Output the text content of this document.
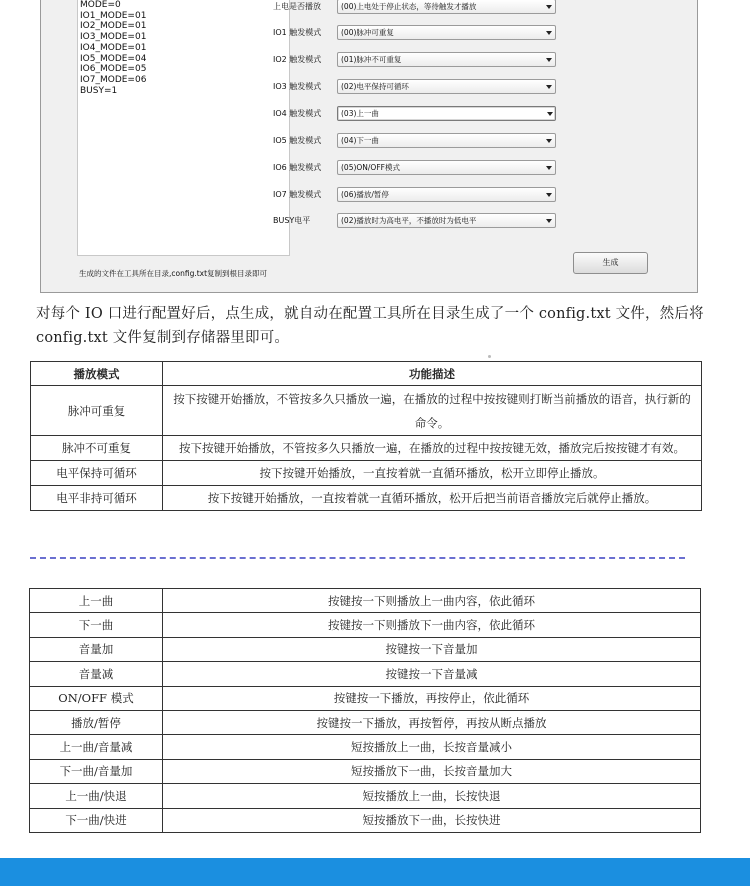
MODE=0
IO1_MODE=01
IO2_MODE=01
IO3_MODE=01
IO4_MODE=01
IO5_MODE=04
IO6_MODE=05
IO7_MODE=06
BUSY=1
上电是否播放	(00)上电处于停止状态，等待触发才播放
IO1 触发模式	(00)脉冲可重复
IO2 触发模式	(01)脉冲不可重复
IO3 触发模式	(02)电平保持可循环
IO4 触发模式	(03)上一曲
IO5 触发模式	(04)下一曲
IO6 触发模式	(05)ON/OFF模式
IO7 触发模式	(06)播放/暂停
BUSY电平	(02)播放时为高电平，不播放时为低电平
生成
生成的文件在工具所在目录,config.txt复制到根目录即可

对每个 IO 口进行配置好后，点生成，就自动在配置工具所在目录生成了一个 config.txt 文件，然后将 config.txt 文件复制到存储器里即可。

播放模式	功能描述
脉冲可重复	按下按键开始播放，不管按多久只播放一遍，在播放的过程中按按键则打断当前播放的语音，执行新的命令。
脉冲不可重复	按下按键开始播放，不管按多久只播放一遍，在播放的过程中按按键无效，播放完后按按键才有效。
电平保持可循环	按下按键开始播放，一直按着就一直循环播放，松开立即停止播放。
电平非持可循环	按下按键开始播放，一直按着就一直循环播放，松开后把当前语音播放完后就停止播放。
上一曲	按键按一下则播放上一曲内容，依此循环
下一曲	按键按一下则播放下一曲内容，依此循环
音量加	按键按一下音量加
音量减	按键按一下音量减
ON/OFF 模式	按键按一下播放，再按停止，依此循环
播放/暂停	按键按一下播放，再按暂停，再按从断点播放
上一曲/音量减	短按播放上一曲，长按音量减小
下一曲/音量加	短按播放下一曲，长按音量加大
上一曲/快退	短按播放上一曲，长按快退
下一曲/快进	短按播放下一曲，长按快进
